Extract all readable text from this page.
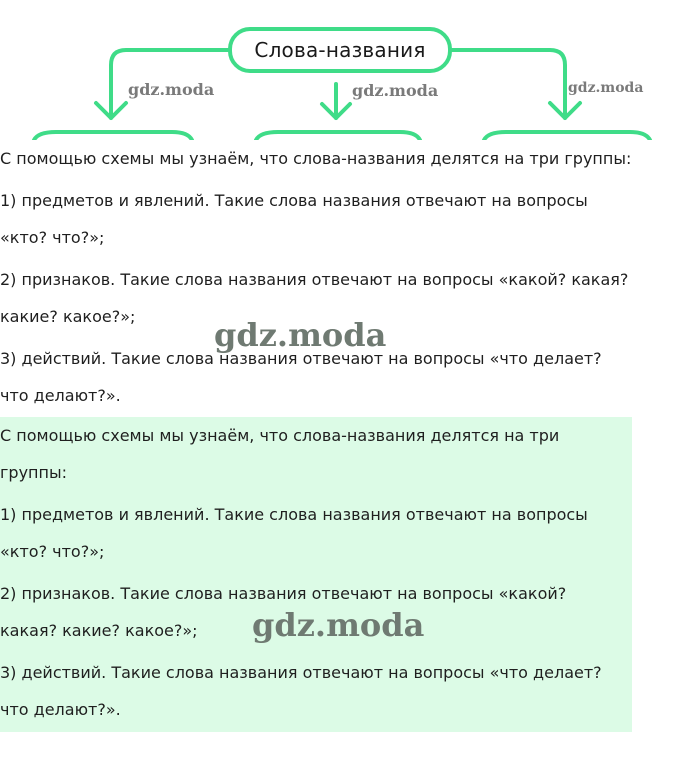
Слова-названия
gdz.moda	gdz.moda	gdz.moda

С помощью схемы мы узнаём, что слова-названия делятся на три группы:

1) предметов и явлений. Такие слова названия отвечают на вопросы «кто? что?»;

2) признаков. Такие слова названия отвечают на вопросы «какой? какая? какие? какое?»;

3) действий. Такие слова названия отвечают на вопросы «что делает? что делают?».

gdz.moda

С помощью схемы мы узнаём, что слова-названия делятся на три группы:

1) предметов и явлений. Такие слова названия отвечают на вопросы «кто? что?»;

2) признаков. Такие слова названия отвечают на вопросы «какой? какая? какие? какое?»;

3) действий. Такие слова названия отвечают на вопросы «что делает? что делают?».

gdz.moda
